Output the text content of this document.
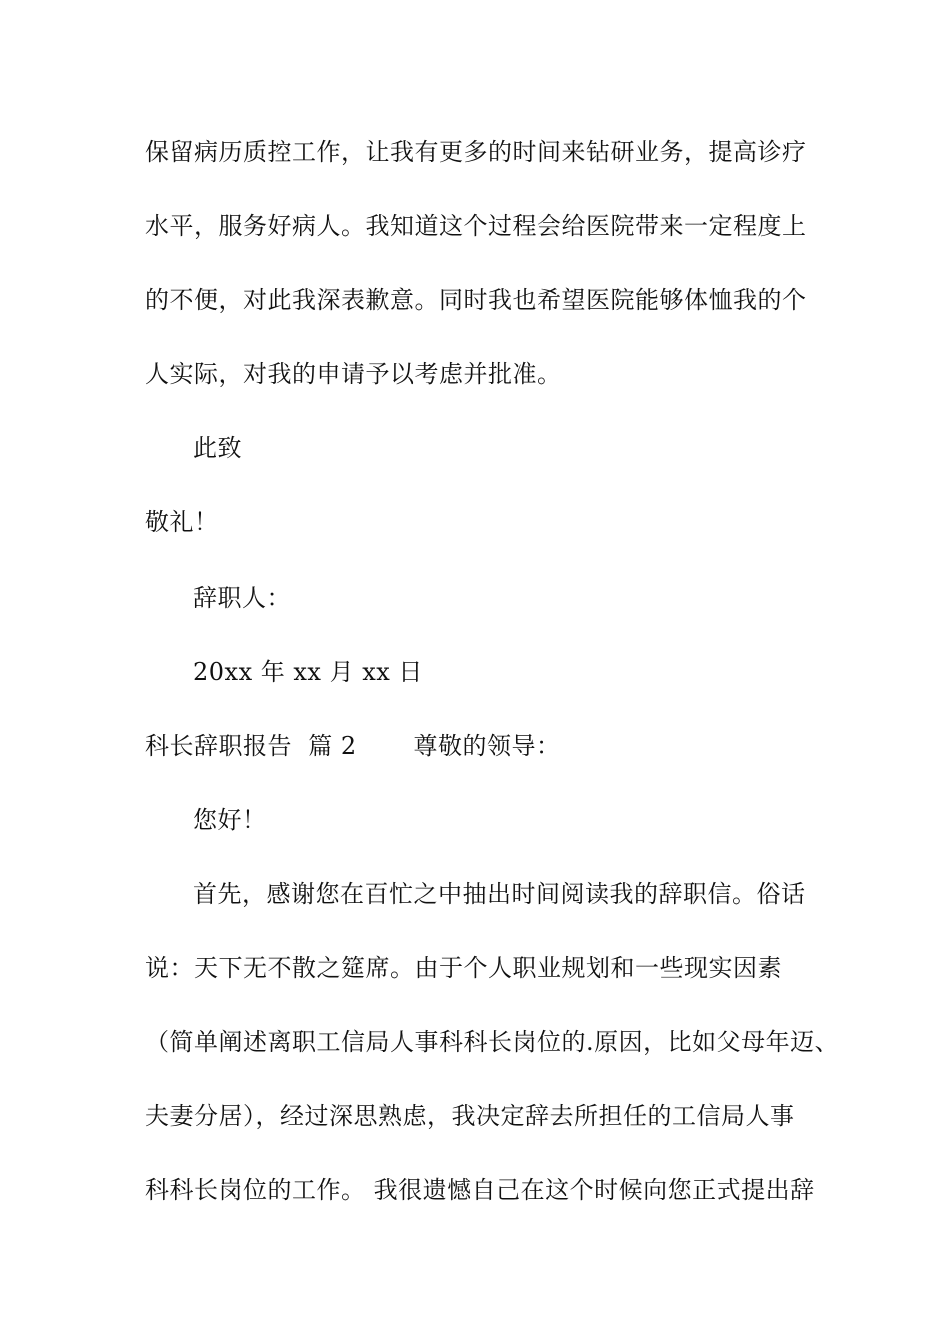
保留病历质控工作，让我有更多的时间来钻研业务，提高诊疗
水平，服务好病人。我知道这个过程会给医院带来一定程度上
的不便，对此我深表歉意。同时我也希望医院能够体恤我的个
人实际，对我的申请予以考虑并批准。
此致
敬礼！
辞职人：
20xx 年 xx 月 xx 日
科长辞职报告  篇 2       尊敬的领导：
您好！
首先，感谢您在百忙之中抽出时间阅读我的辞职信。俗话
说：天下无不散之筵席。由于个人职业规划和一些现实因素
（简单阐述离职工信局人事科科长岗位的.原因，比如父母年迈、
夫妻分居），经过深思熟虑，我决定辞去所担任的工信局人事
科科长岗位的工作。 我很遗憾自己在这个时候向您正式提出辞
